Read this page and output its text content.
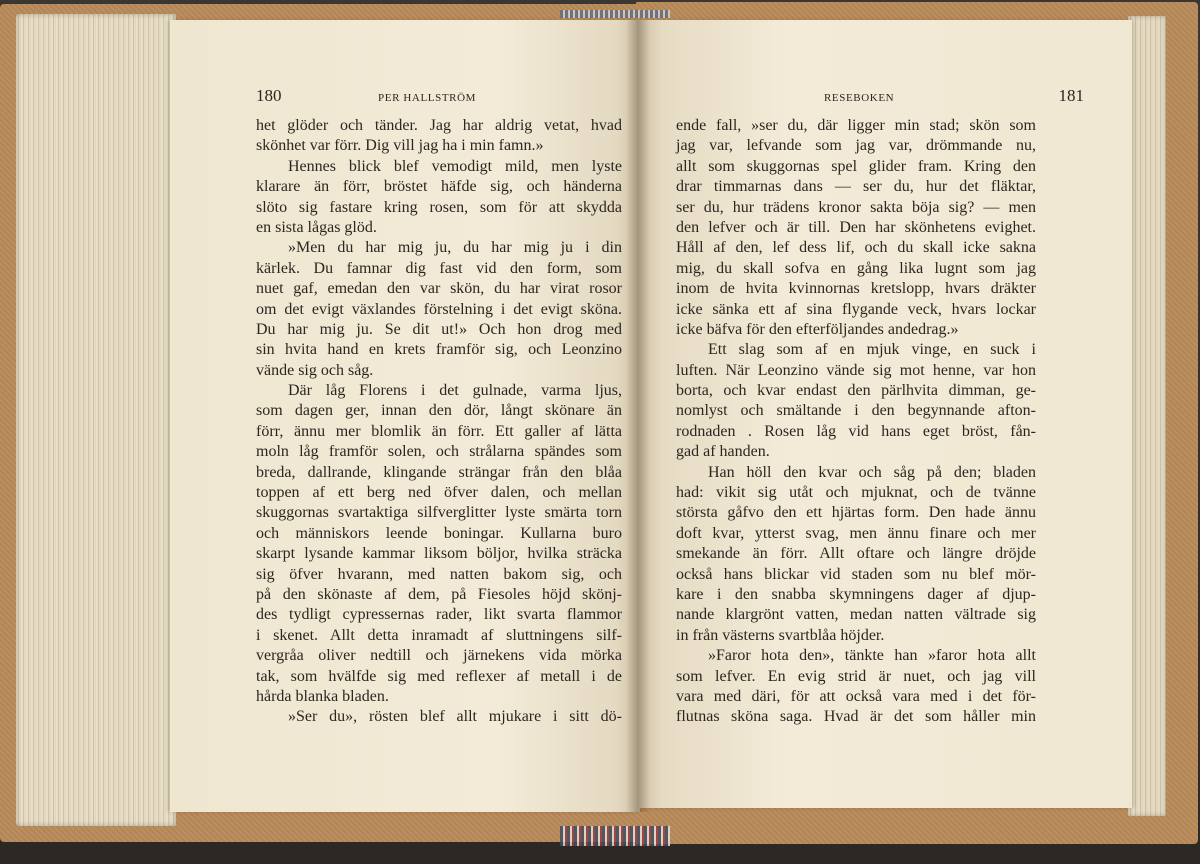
180	PER HALLSTRÖM
het glöder och tänder. Jag har aldrig vetat, hvad
skönhet var förr. Dig vill jag ha i min famn.»
Hennes blick blef vemodigt mild, men lyste
klarare än förr, bröstet häfde sig, och händerna
slöto sig fastare kring rosen, som för att skydda
en sista lågas glöd.
»Men du har mig ju, du har mig ju i din
kärlek. Du famnar dig fast vid den form, som
nuet gaf, emedan den var skön, du har virat rosor
om det evigt växlandes förstelning i det evigt sköna.
Du har mig ju. Se dit ut!» Och hon drog med
sin hvita hand en krets framför sig, och Leonzino
vände sig och såg.
Där låg Florens i det gulnade, varma ljus,
som dagen ger, innan den dör, långt skönare än
förr, ännu mer blomlik än förr. Ett galler af lätta
moln låg framför solen, och strålarna spändes som
breda, dallrande, klingande strängar från den blåa
toppen af ett berg ned öfver dalen, och mellan
skuggornas svartaktiga silfverglitter lyste smärta torn
och människors leende boningar. Kullarna buro
skarpt lysande kammar liksom böljor, hvilka sträcka
sig öfver hvarann, med natten bakom sig, och
på den skönaste af dem, på Fiesoles höjd skönj-
des tydligt cypressernas rader, likt svarta flammor
i skenet. Allt detta inramadt af sluttningens silf-
vergråa oliver nedtill och järnekens vida mörka
tak, som hvälfde sig med reflexer af metall i de
hårda blanka bladen.
»Ser du», rösten blef allt mjukare i sitt dö-
RESEBOKEN	181
ende fall, »ser du, där ligger min stad; skön som
jag var, lefvande som jag var, drömmande nu,
allt som skuggornas spel glider fram. Kring den
drar timmarnas dans — ser du, hur det fläktar,
ser du, hur trädens kronor sakta böja sig? — men
den lefver och är till. Den har skönhetens evighet.
Håll af den, lef dess lif, och du skall icke sakna
mig, du skall sofva en gång lika lugnt som jag
inom de hvita kvinnornas kretslopp, hvars dräkter
icke sänka ett af sina flygande veck, hvars lockar
icke bäfva för den efterföljandes andedrag.»
Ett slag som af en mjuk vinge, en suck i
luften. När Leonzino vände sig mot henne, var hon
borta, och kvar endast den pärlhvita dimman, ge-
nomlyst och smältande i den begynnande afton-
rodnaden . Rosen låg vid hans eget bröst, fån-
gad af handen.
Han höll den kvar och såg på den; bladen
had: vikit sig utåt och mjuknat, och de tvänne
största gåfvo den ett hjärtas form. Den hade ännu
doft kvar, ytterst svag, men ännu finare och mer
smekande än förr. Allt oftare och längre dröjde
också hans blickar vid staden som nu blef mör-
kare i den snabba skymningens dager af djup-
nande klargrönt vatten, medan natten vältrade sig
in från västerns svartblåa höjder.
»Faror hota den», tänkte han »faror hota allt
som lefver. En evig strid är nuet, och jag vill
vara med däri, för att också vara med i det för-
flutnas sköna saga. Hvad är det som håller min
